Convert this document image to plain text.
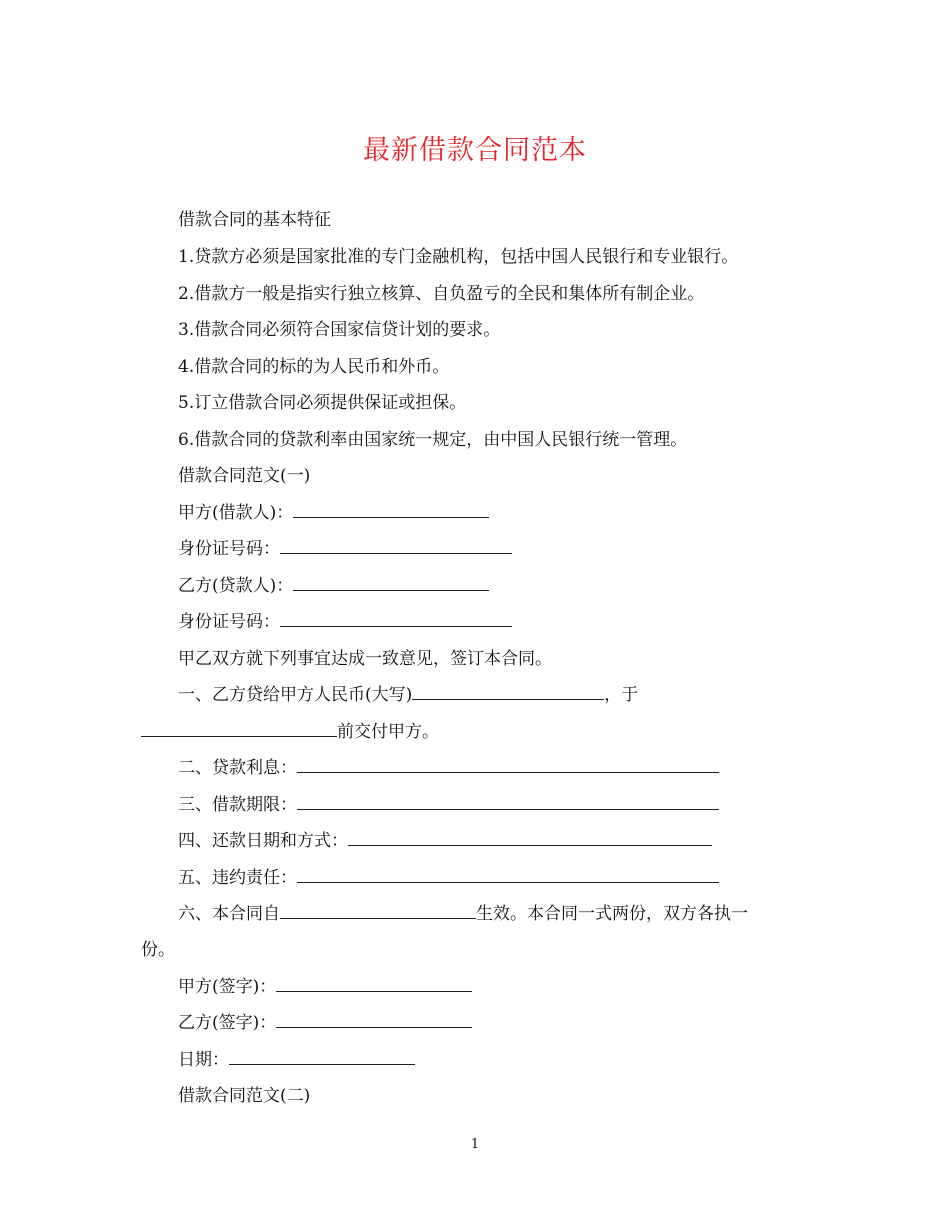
最新借款合同范本
借款合同的基本特征
1.贷款方必须是国家批准的专门金融机构，包括中国人民银行和专业银行。
2.借款方一般是指实行独立核算、自负盈亏的全民和集体所有制企业。
3.借款合同必须符合国家信贷计划的要求。
4.借款合同的标的为人民币和外币。
5.订立借款合同必须提供保证或担保。
6.借款合同的贷款利率由国家统一规定，由中国人民银行统一管理。
借款合同范文(一)
甲方(借款人)：
身份证号码：
乙方(贷款人)：
身份证号码：
甲乙双方就下列事宜达成一致意见，签订本合同。
一、乙方贷给甲方人民币(大写)	，于
前交付甲方。
二、贷款利息：
三、借款期限：
四、还款日期和方式：
五、违约责任：
六、本合同自	生效。本合同一式两份，双方各执一
份。
甲方(签字)：
乙方(签字)：
日期：
借款合同范文(二)
1
